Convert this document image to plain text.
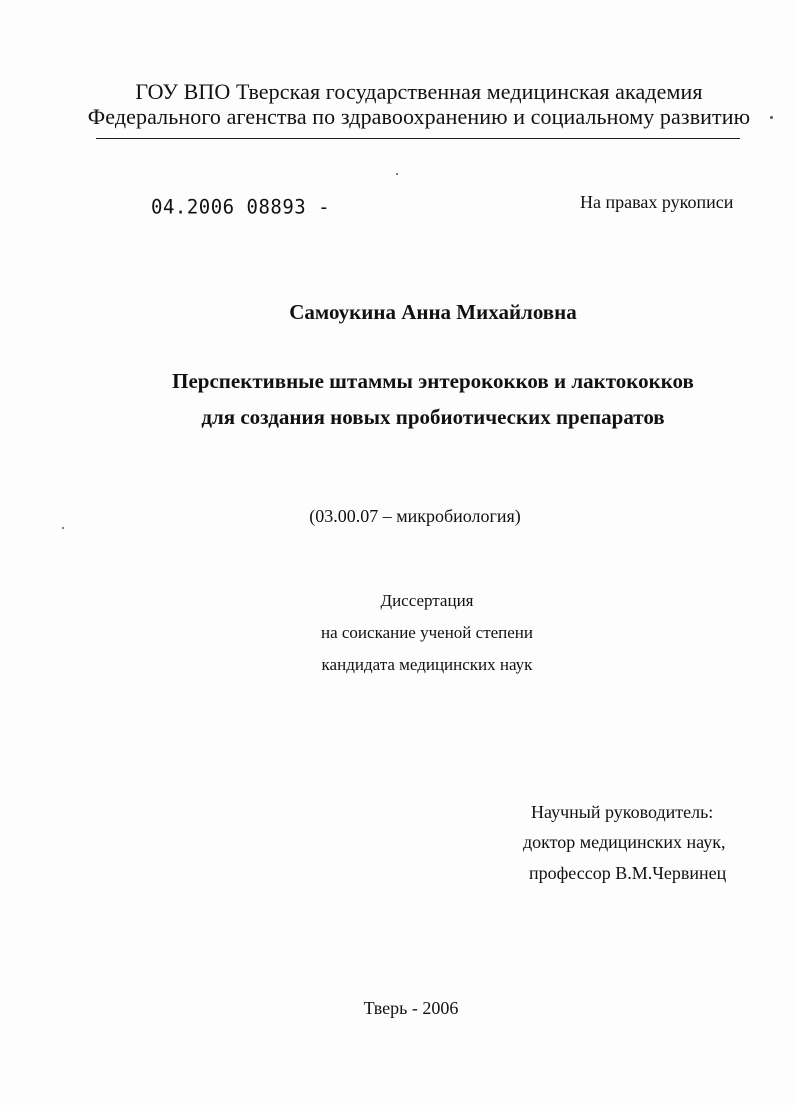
ГОУ ВПО Тверская государственная медицинская академия
Федерального агенства по здравоохранению и социальному развитию
04.2006 08893 -	На правах рукописи
Самоукина Анна Михайловна
Перспективные штаммы энтерококков и лактококков
для создания новых пробиотических препаратов
(03.00.07 – микробиология)
Диссертация
на соискание ученой степени
кандидата медицинских наук
Научный руководитель:
доктор медицинских наук,
профессор В.М.Червинец
Тверь - 2006
